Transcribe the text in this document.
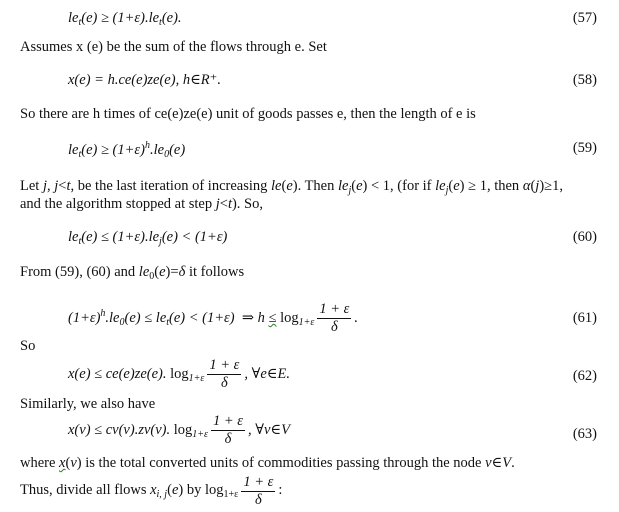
$le_t(e) \ge (1+\varepsilon).le_t(e)$.	(57)
Assumes x (e) be the sum of the flows through e. Set
x(e) = h.ce(e)ze(e), h∈R⁺.	(58)
So there are h times of ce(e)ze(e) unit of goods passes e, then the length of e is
$le_t(e) \ge (1+\varepsilon)^h.le_0(e)$	(59)
Let j, j<t, be the last iteration of increasing le(e). Then $le_j(e) < 1$, (for if $le_j(e) \ge 1$, then α(j)≥1,
and the algorithm stopped at step j<t). So,
$le_t(e) \le (1+\varepsilon).le_j(e) < (1+\varepsilon)$	(60)
From (59), (60) and $le_0(e)=\delta$ it follows
$(1+\varepsilon)^h.le_0(e) \le le_t(e) < (1+\varepsilon)$  ⇒ $h \le \log_{1+\varepsilon} \frac{1 + \varepsilon}{\delta}$ .	(61)
So
x(e) ≤ ce(e)ze(e). $\log_{1+\varepsilon} \frac{1 + \varepsilon}{\delta}$ , ∀e∈E.	(62)
Similarly, we also have
x(v) ≤ cv(v).zv(v). $\log_{1+\varepsilon} \frac{1 + \varepsilon}{\delta}$ , ∀v∈V	(63)
where x(v) is the total converted units of commodities passing through the node v∈V.
Thus, divide all flows $x_{i, j}(e)$ by $\log_{1+\varepsilon} \frac{1 + \varepsilon}{\delta}$ :
